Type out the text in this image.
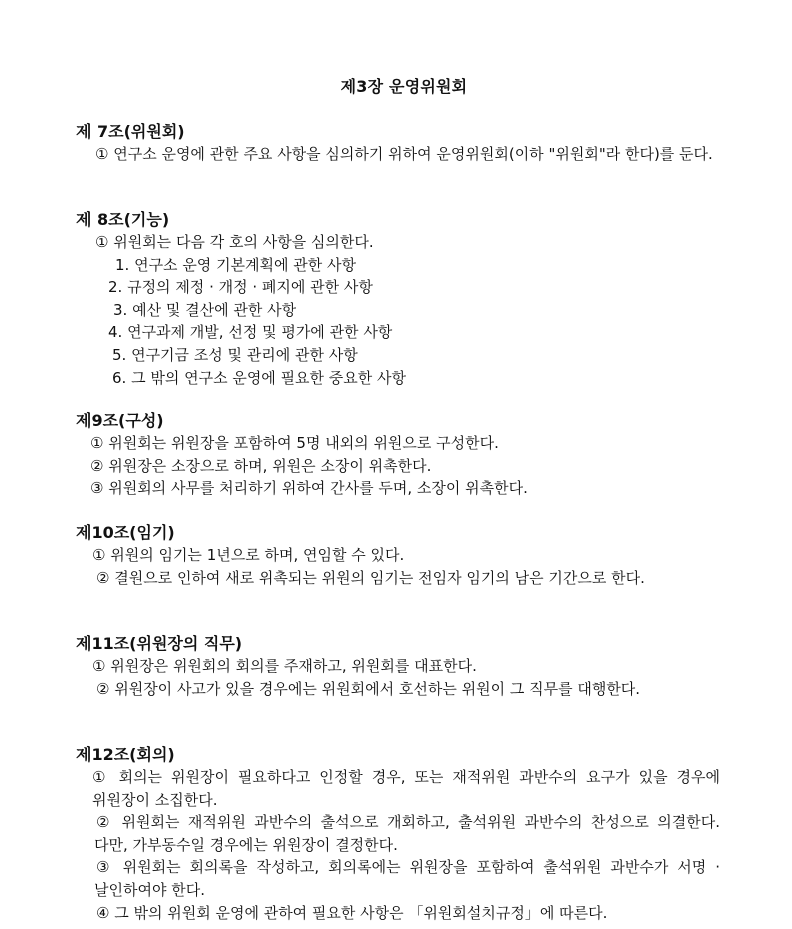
제3장 운영위원회
제 7조(위원회)
① 연구소 운영에 관한 주요 사항을 심의하기 위하여 운영위원회(이하 "위원회"라 한다)를 둔다.
제 8조(기능)
① 위원회는 다음 각 호의 사항을 심의한다.
1. 연구소 운영 기본계획에 관한 사항
2. 규정의 제정 · 개정 · 폐지에 관한 사항
3. 예산 및 결산에 관한 사항
4. 연구과제 개발, 선정 및 평가에 관한 사항
5. 연구기금 조성 및 관리에 관한 사항
6. 그 밖의 연구소 운영에 필요한 중요한 사항
제9조(구성)
① 위원회는 위원장을 포함하여 5명 내외의 위원으로 구성한다.
② 위원장은 소장으로 하며, 위원은 소장이 위촉한다.
③ 위원회의 사무를 처리하기 위하여 간사를 두며, 소장이 위촉한다.
제10조(임기)
① 위원의 임기는 1년으로 하며, 연임할 수 있다.
② 결원으로 인하여 새로 위촉되는 위원의 임기는 전임자 임기의 남은 기간으로 한다.
제11조(위원장의 직무)
① 위원장은 위원회의 회의를 주재하고, 위원회를 대표한다.
② 위원장이 사고가 있을 경우에는 위원회에서 호선하는 위원이 그 직무를 대행한다.
제12조(회의)
① 회의는 위원장이 필요하다고 인정할 경우, 또는 재적위원 과반수의 요구가 있을 경우에 위원장이 소집한다.
② 위원회는 재적위원 과반수의 출석으로 개회하고, 출석위원 과반수의 찬성으로 의결한다. 다만, 가부동수일 경우에는 위원장이 결정한다.
③ 위원회는 회의록을 작성하고, 회의록에는 위원장을 포함하여 출석위원 과반수가 서명 · 날인하여야 한다.
④ 그 밖의 위원회 운영에 관하여 필요한 사항은 「위원회설치규정」에 따른다.
